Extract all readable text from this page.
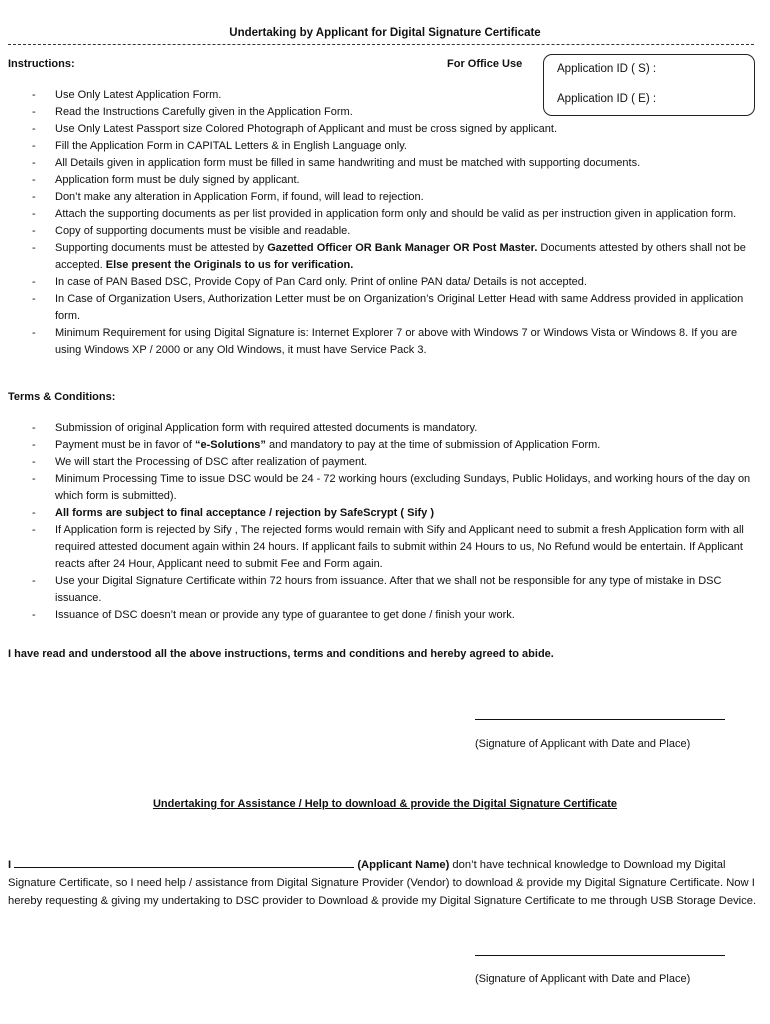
Undertaking by Applicant for Digital Signature Certificate
Instructions:	For Office Use	Application ID ( S) :
Application ID ( E) :
- Use Only Latest Application Form.
- Read the Instructions Carefully given in the Application Form.
- Use Only Latest Passport size Colored Photograph of Applicant and must be cross signed by applicant.
- Fill the Application Form in CAPITAL Letters & in English Language only.
- All Details given in application form must be filled in same handwriting and must be matched with supporting documents.
- Application form must be duly signed by applicant.
- Don’t make any alteration in Application Form, if found, will lead to rejection.
- Attach the supporting documents as per list provided in application form only and should be valid as per instruction given in application form.
- Copy of supporting documents must be visible and readable.
- Supporting documents must be attested by Gazetted Officer OR Bank Manager OR Post Master. Documents attested by others shall not be accepted. Else present the Originals to us for verification.
- In case of PAN Based DSC, Provide Copy of Pan Card only. Print of online PAN data/ Details is not accepted.
- In Case of Organization Users, Authorization Letter must be on Organization’s Original Letter Head with same Address provided in application form.
- Minimum Requirement for using Digital Signature is: Internet Explorer 7 or above with Windows 7 or Windows Vista or Windows 8. If you are using Windows XP / 2000 or any Old Windows, it must have Service Pack 3.
Terms & Conditions:
- Submission of original Application form with required attested documents is mandatory.
- Payment must be in favor of “e-Solutions” and mandatory to pay at the time of submission of Application Form.
- We will start the Processing of DSC after realization of payment.
- Minimum Processing Time to issue DSC would be 24 - 72 working hours (excluding Sundays, Public Holidays, and working hours of the day on which form is submitted).
- All forms are subject to final acceptance / rejection by SafeScrypt ( Sify )
- If Application form is rejected by Sify , The rejected forms would remain with Sify and Applicant need to submit a fresh Application form with all required attested document again within 24 hours. If applicant fails to submit within 24 Hours to us, No Refund would be entertain. If Applicant reacts after 24 Hour, Applicant need to submit Fee and Form again.
- Use your Digital Signature Certificate within 72 hours from issuance. After that we shall not be responsible for any type of mistake in DSC issuance.
- Issuance of DSC doesn’t mean or provide any type of guarantee to get done / finish your work.
I have read and understood all the above instructions, terms and conditions and hereby agreed to abide.
(Signature of Applicant with Date and Place)
Undertaking for Assistance / Help to download & provide the Digital Signature Certificate

I	(Applicant Name) don’t have technical knowledge to Download my Digital Signature Certificate, so I need help / assistance from Digital Signature Provider (Vendor) to download & provide my Digital Signature Certificate. Now I hereby requesting & giving my undertaking to DSC provider to Download & provide my Digital Signature Certificate to me through USB Storage Device.

(Signature of Applicant with Date and Place)
